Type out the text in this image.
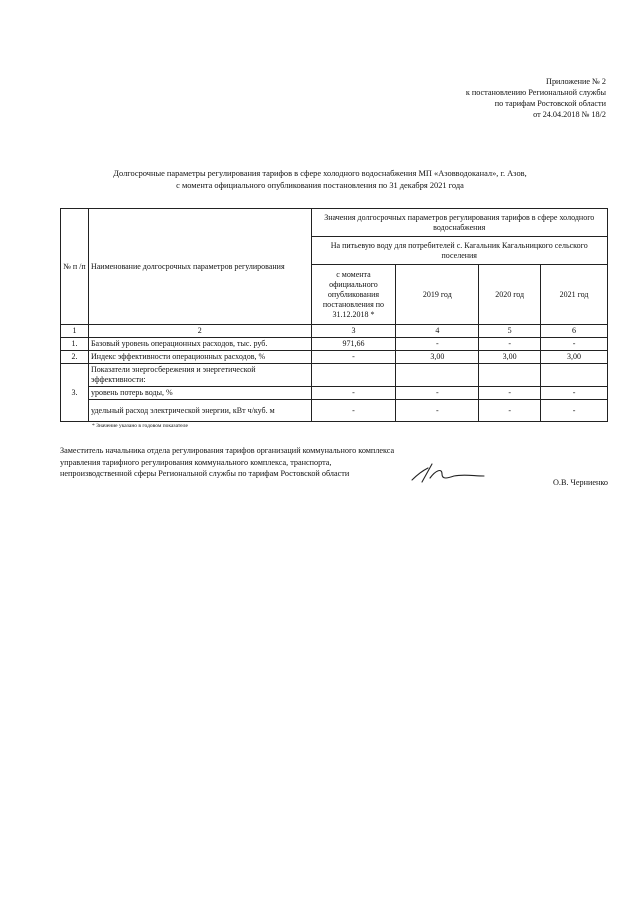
Приложение № 2
к постановлению Региональной службы
по тарифам Ростовской области
от 24.04.2018 № 18/2
Долгосрочные параметры регулирования тарифов в сфере холодного водоснабжения МП «Азовводоканал», г. Азов,
с момента официального опубликования постановления по 31 декабря 2021 года
№ п /п	Наименование долгосрочных параметров регулирования	Значения долгосрочных параметров регулирования тарифов в сфере холодного водоснабжения			
		На питьевую воду для потребителей с. Кагальник Кагальницкого сельского поселения			
		с момента официального опубликования постановления по 31.12.2018 *	2019 год	2020 год	2021 год
1	2	3	4	5	6
1.	Базовый уровень операционных расходов, тыс. руб.	971,66	-	-	-
2.	Индекс эффективности операционных расходов, %	-	3,00	3,00	3,00
3.	Показатели энергосбережения и энергетической эффективности:				
	уровень потерь воды, %	-	-	-	-
	удельный расход электрической энергии, кВт ч/куб. м	-	-	-	-
* Значение указано в годовом показателе
Заместитель начальника отдела регулирования тарифов организаций коммунального комплекса управления тарифного регулирования коммунального комплекса, транспорта, непроизводственной сферы Региональной службы по тарифам Ростовской области
О.В. Черниенко
